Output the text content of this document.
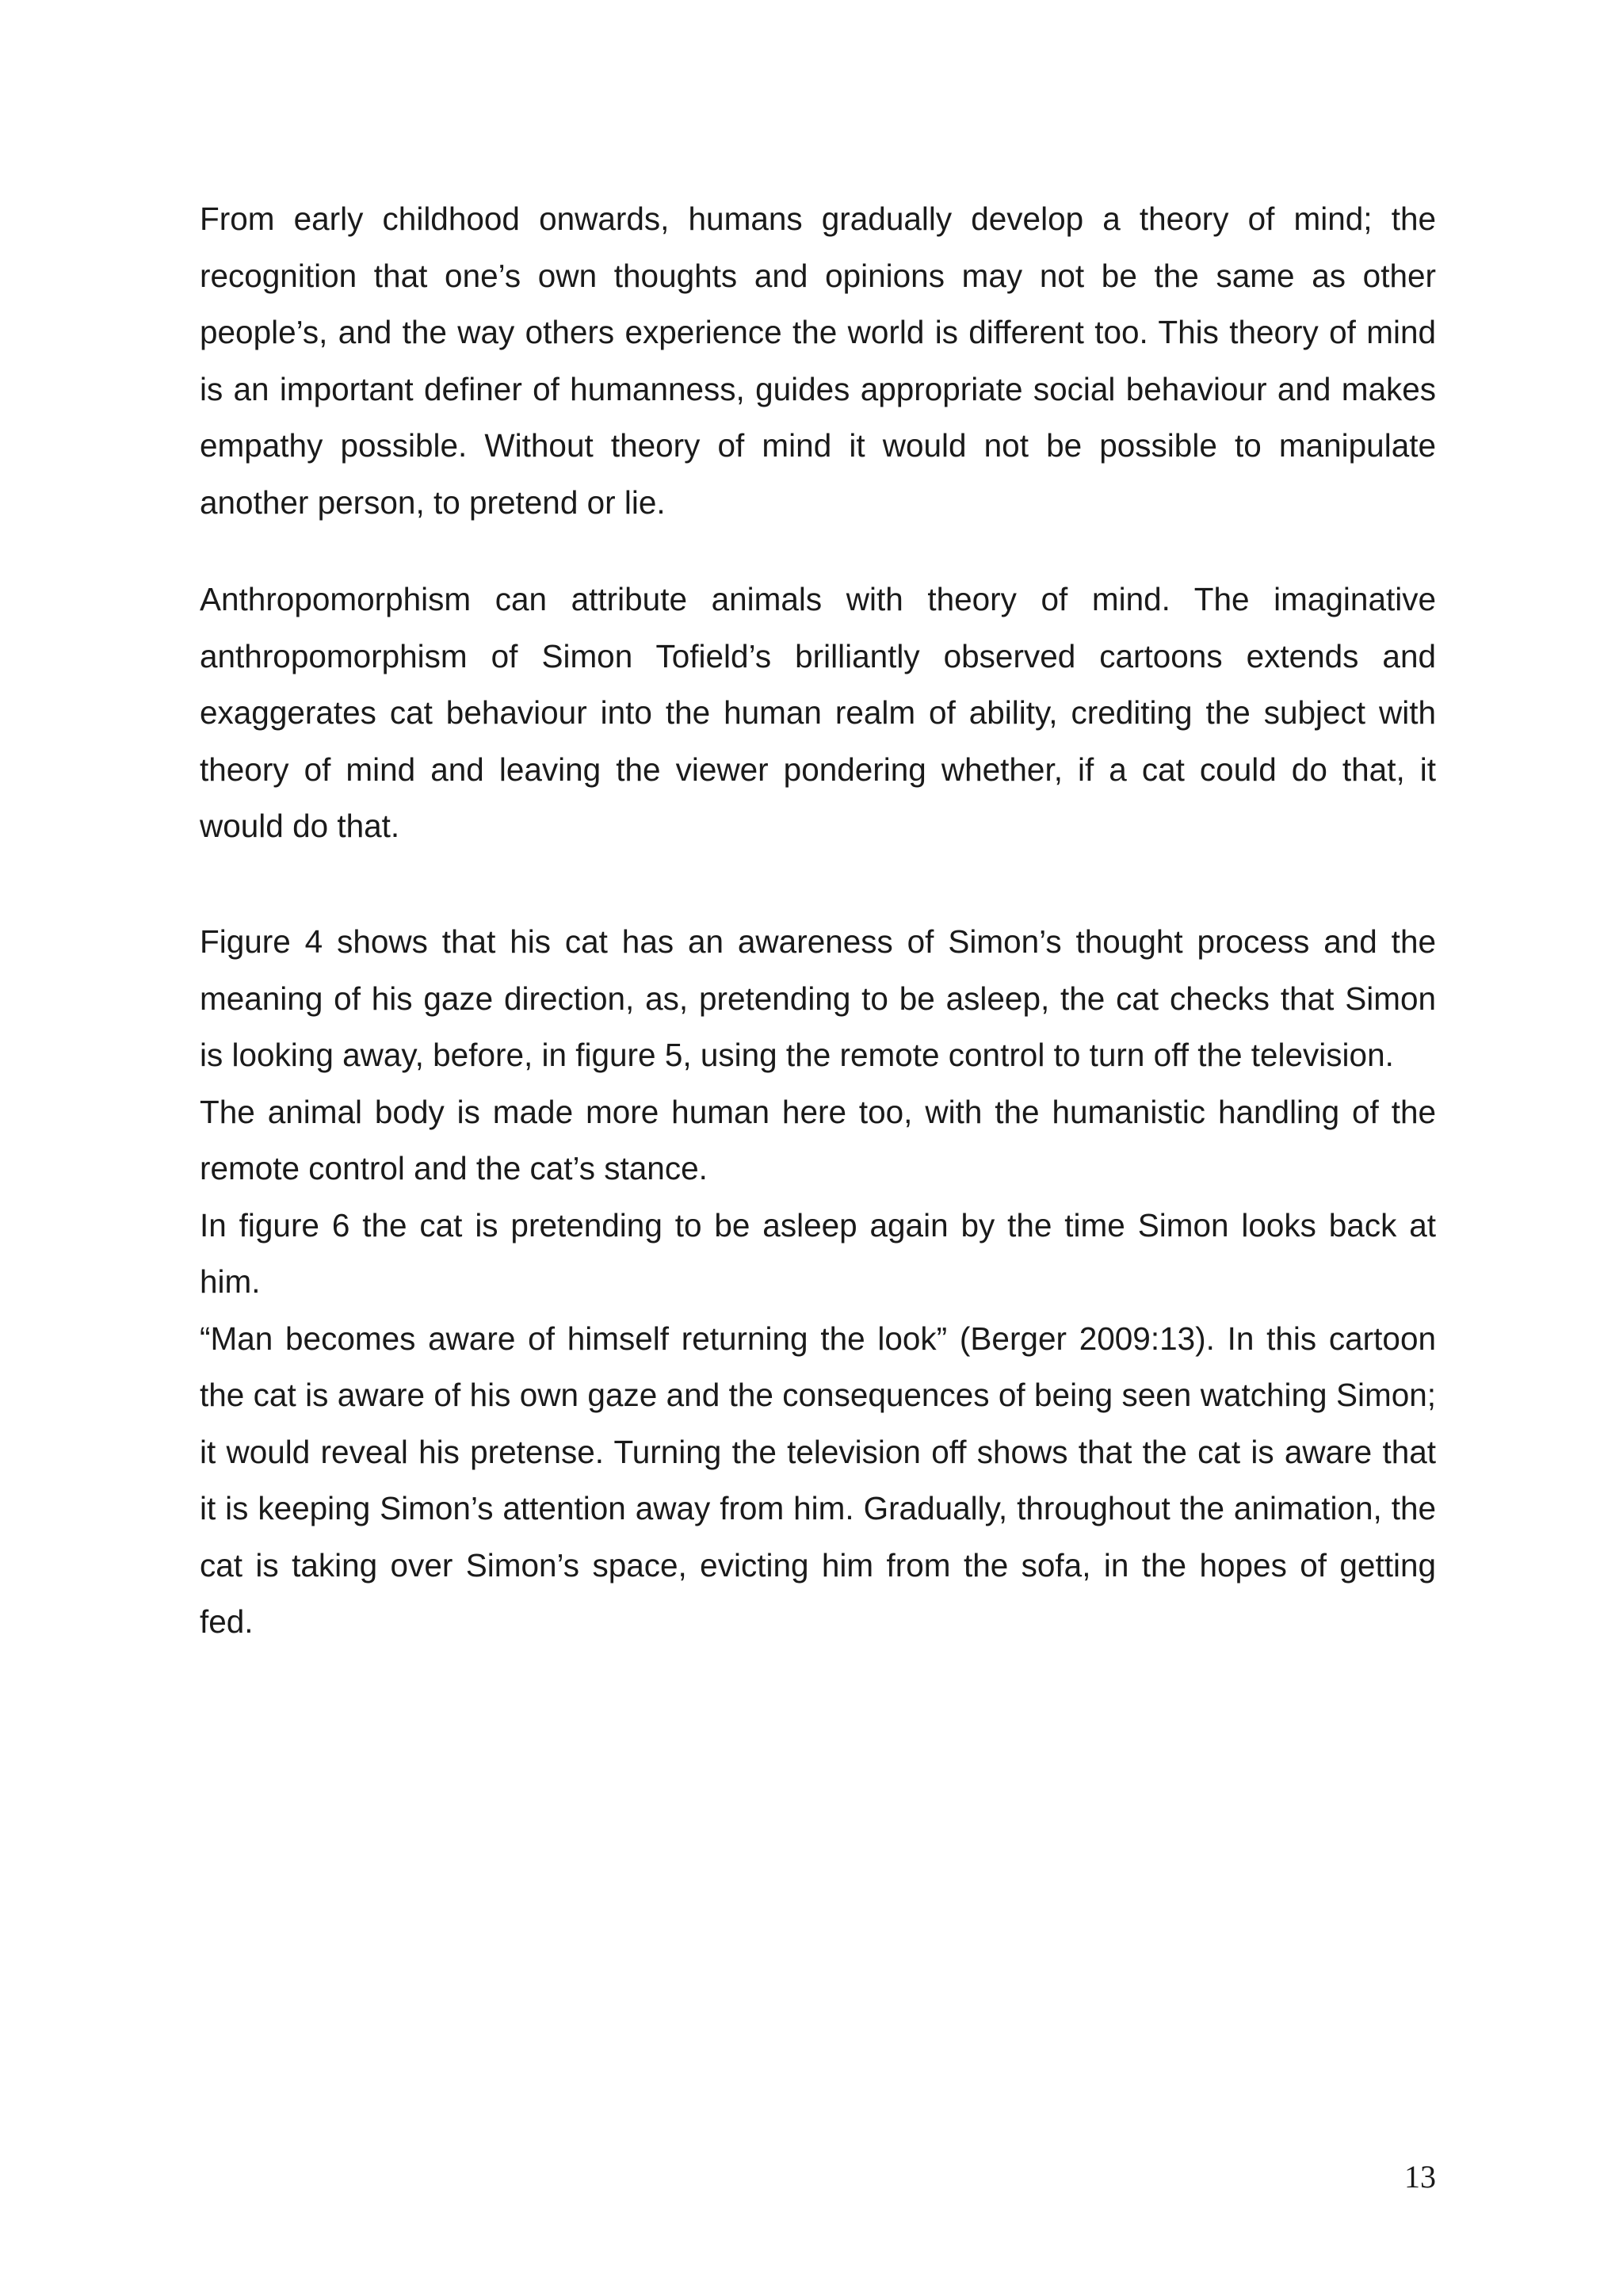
From early childhood onwards, humans gradually develop a theory of mind; the recognition that one’s own thoughts and opinions may not be the same as other people’s, and the way others experience the world is different too. This theory of mind is an important definer of humanness, guides appropriate social behaviour and makes empathy possible. Without theory of mind it would not be possible to manipulate another person, to pretend or lie.

Anthropomorphism can attribute animals with theory of mind. The imaginative anthropomorphism of Simon Tofield’s brilliantly observed cartoons extends and exaggerates cat behaviour into the human realm of ability, crediting the subject with theory of mind and leaving the viewer pondering whether, if a cat could do that, it would do that.

Figure 4 shows that his cat has an awareness of Simon’s thought process and the meaning of his gaze direction, as, pretending to be asleep, the cat checks that Simon is looking away, before, in figure 5, using the remote control to turn off the television.

The animal body is made more human here too, with the humanistic handling of the remote control and the cat’s stance.

In figure 6 the cat is pretending to be asleep again by the time Simon looks back at him.

“Man becomes aware of himself returning the look” (Berger 2009:13). In this cartoon the cat is aware of his own gaze and the consequences of being seen watching Simon; it would reveal his pretense. Turning the television off shows that the cat is aware that it is keeping Simon’s attention away from him. Gradually, throughout the animation, the cat is taking over Simon’s space, evicting him from the sofa, in the hopes of getting fed.

13
